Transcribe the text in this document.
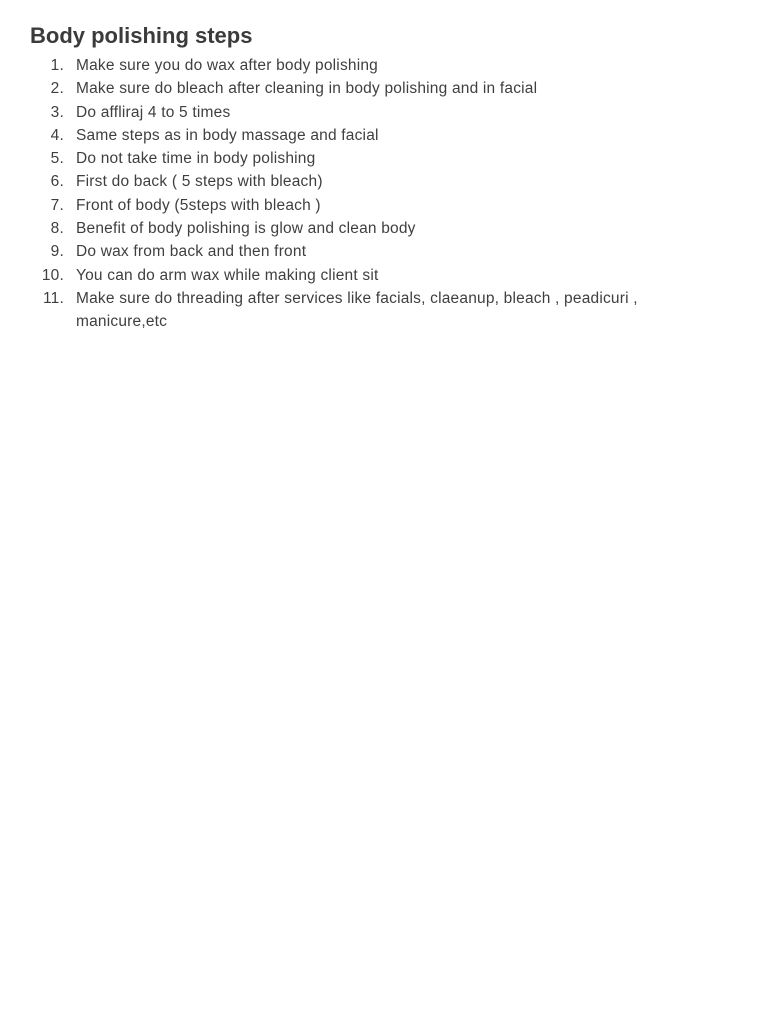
Body polishing steps
1. Make sure you do wax after body polishing
2. Make sure do bleach after cleaning in body polishing and in facial
3. Do affliraj 4 to 5 times
4. Same steps as in body massage and facial
5. Do not take time in body polishing
6. First do back ( 5 steps with bleach)
7. Front of body (5steps with bleach )
8. Benefit of body polishing is glow and clean body
9. Do wax from back and then front
10. You can do arm wax while making client sit
11. Make sure do threading after services like facials, claeanup, bleach , peadicuri , manicure,etc
